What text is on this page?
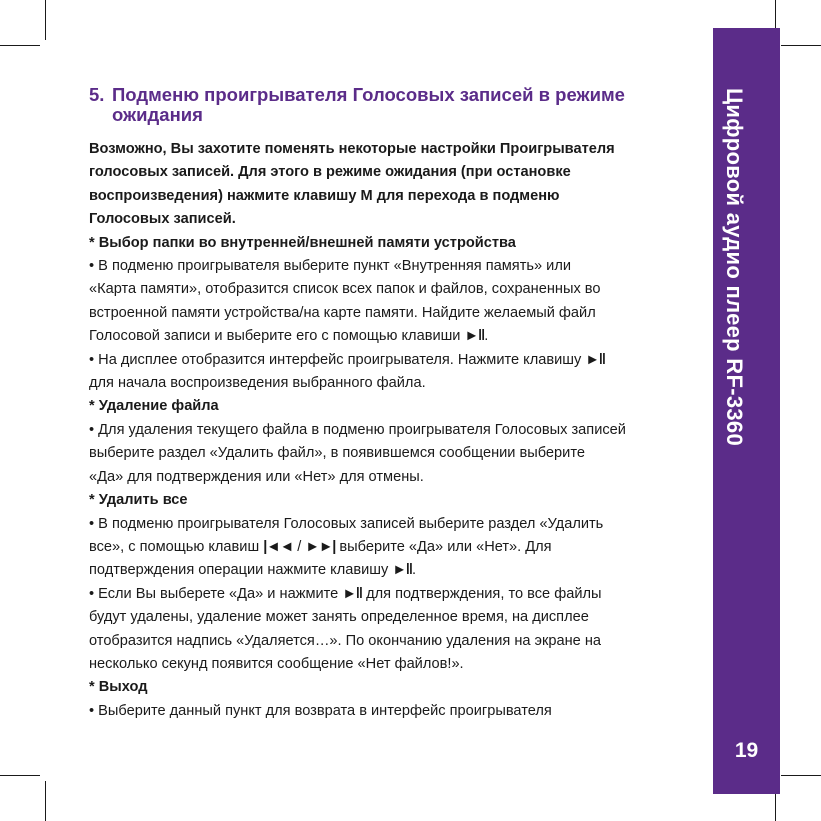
Цифровой аудио плеер RF-3360
19
5. Подменю проигрывателя Голосовых записей в режиме
ожидания

Возможно, Вы захотите поменять некоторые настройки Проигрывателя

голосовых записей. Для этого в режиме ожидания (при остановке

воспроизведения) нажмите клавишу М для перехода в подменю

Голосовых записей.

* Выбор папки во внутренней/внешней памяти устройства

• В подменю проигрывателя выберите пункт «Внутренняя память» или

«Карта памяти», отобразится список всех папок и файлов, сохраненных во

встроенной памяти устройства/на карте памяти. Найдите желаемый файл

Голосовой записи и выберите его с помощью клавиши ►‖.

• На дисплее отобразится интерфейс проигрывателя. Нажмите клавишу ►‖

для начала воспроизведения выбранного файла.

* Удаление файла

• Для удаления текущего файла в подменю проигрывателя Голосовых записей

выберите раздел «Удалить файл», в появившемся сообщении выберите

«Да» для подтверждения или «Нет» для отмены.

* Удалить все

• В подменю проигрывателя Голосовых записей выберите раздел «Удалить

все», с помощью клавиш |◄◄ / ►►| выберите «Да» или «Нет». Для

подтверждения операции нажмите клавишу ►‖.

• Если Вы выберете «Да» и нажмите ►‖ для подтверждения, то все файлы

будут удалены, удаление может занять определенное время, на дисплее

отобразится надпись «Удаляется…». По окончанию удаления на экране на

несколько секунд появится сообщение «Нет файлов!».

* Выход

• Выберите данный пункт для возврата в интерфейс проигрывателя
